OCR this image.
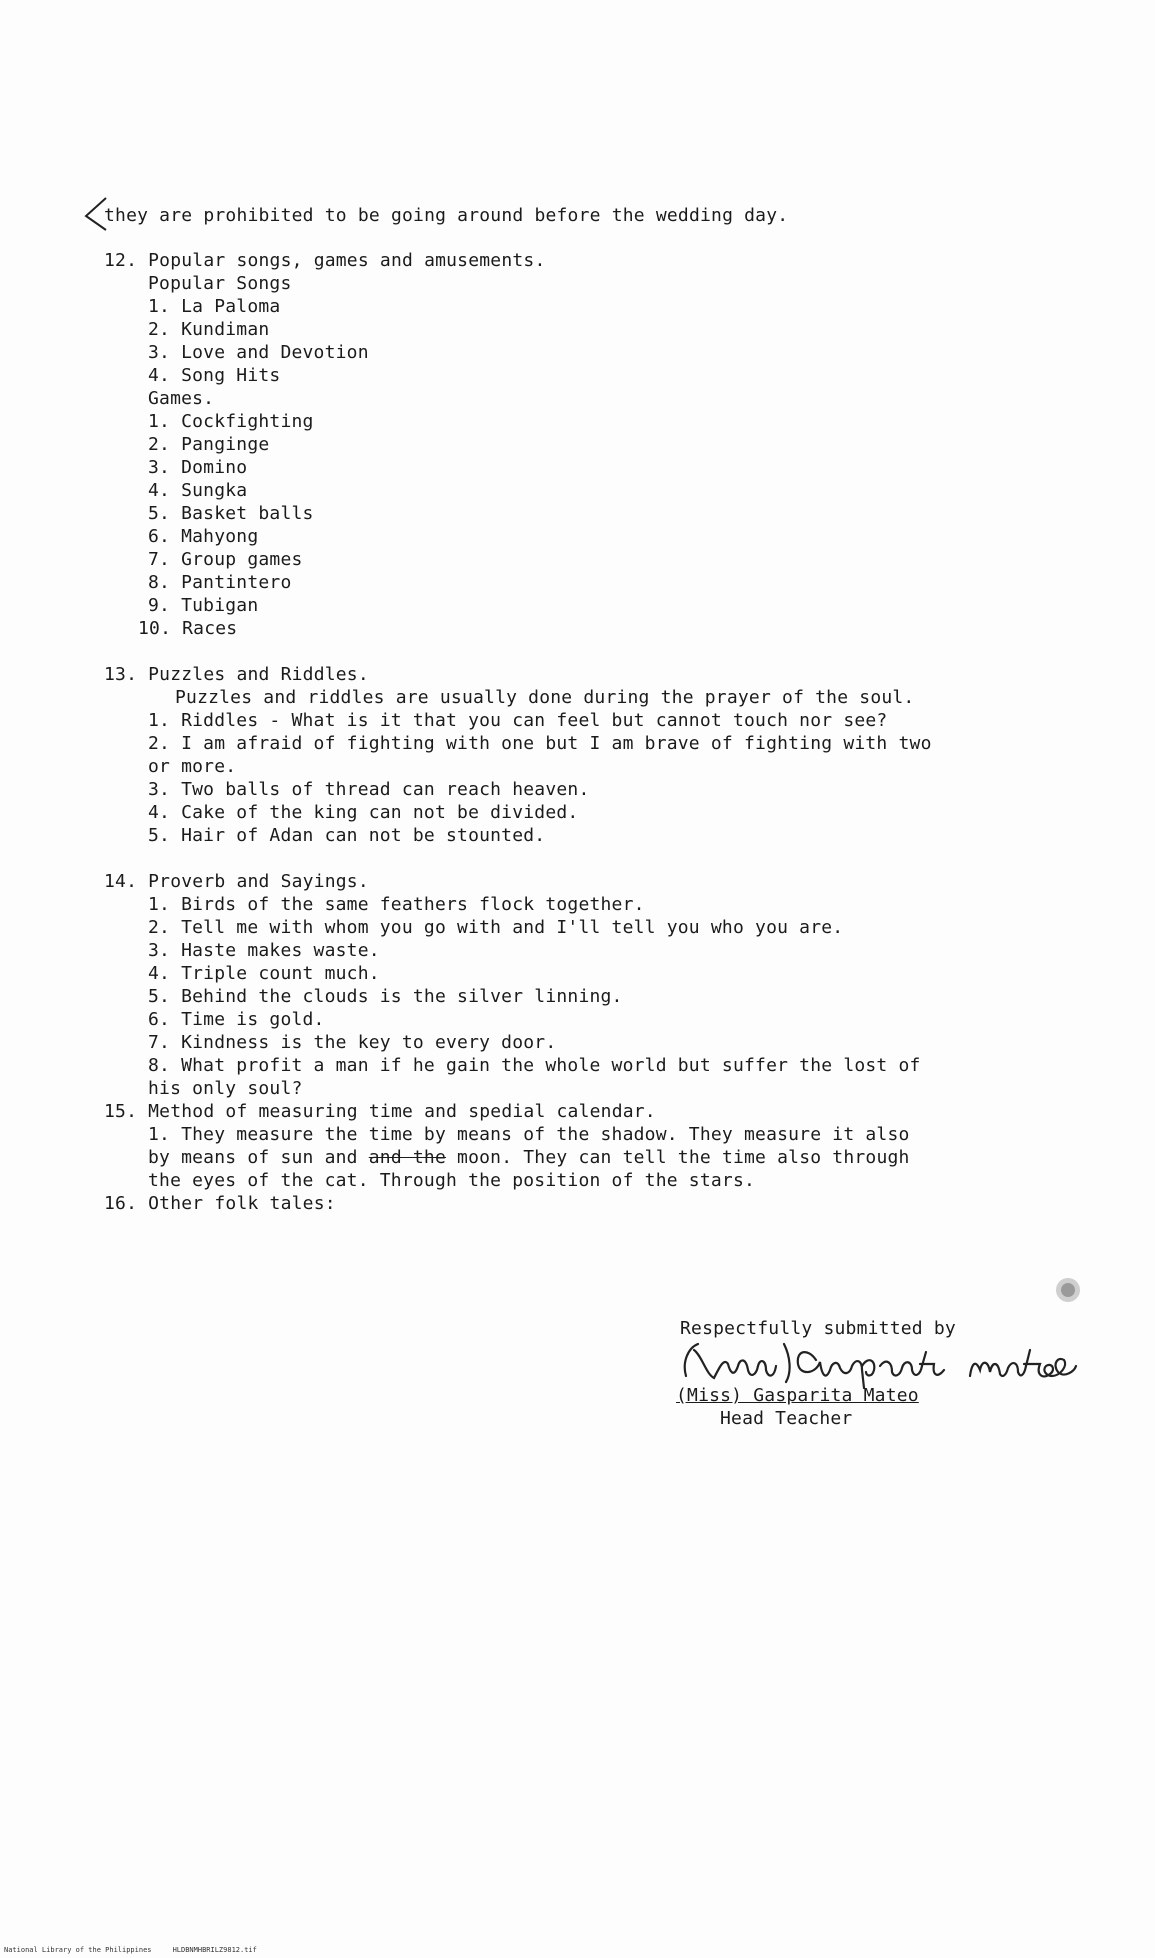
they are prohibited to be going around before the wedding day.
12. Popular songs, games and amusements.
Popular Songs
1. La Paloma
2. Kundiman
3. Love and Devotion
4. Song Hits
Games.
1. Cockfighting
2. Panginge
3. Domino
4. Sungka
5. Basket balls
6. Mahyong
7. Group games
8. Pantintero
9. Tubigan
10. Races
13. Puzzles and Riddles.
Puzzles and riddles are usually done during the prayer of the soul.
1. Riddles - What is it that you can feel but cannot touch nor see?
2. I am afraid of fighting with one but I am brave of fighting with two
or more.
3. Two balls of thread can reach heaven.
4. Cake of the king can not be divided.
5. Hair of Adan can not be stounted.
14. Proverb and Sayings.
1. Birds of the same feathers flock together.
2. Tell me with whom you go with and I'll tell you who you are.
3. Haste makes waste.
4. Triple count much.
5. Behind the clouds is the silver linning.
6. Time is gold.
7. Kindness is the key to every door.
8. What profit a man if he gain the whole world but suffer the lost of
his only soul?
15. Method of measuring time and spedial calendar.
1. They measure the time by means of the shadow. They measure it also
by means of sun and and the moon. They can tell the time also through
the eyes of the cat. Through the position of the stars.
16. Other folk tales:
Respectfully submitted by
(Miss) Gasparita Mateo
Head Teacher
National Library of the Philippines     HLDBNMHBRILZ9812.tif
